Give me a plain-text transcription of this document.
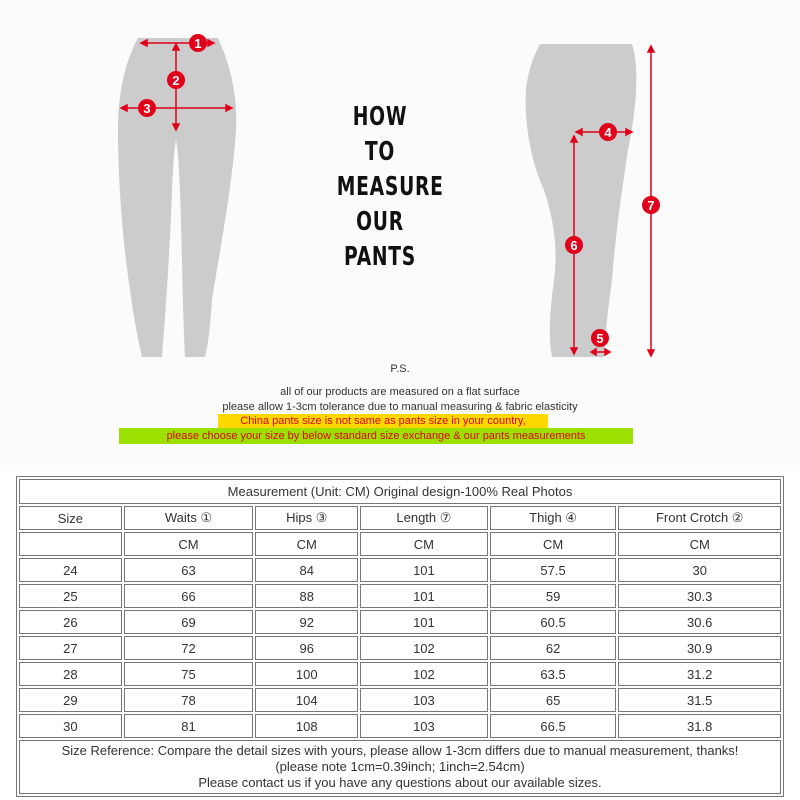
1
2
3
4
5
6
7
HOW
TO
MEASURE
OUR
PANTS
P.S.
all of our products are measured on a flat surface
please allow 1-3cm tolerance due to manual measuring & fabric elasticity
China pants size is not same as pants size in your country,
please choose your size by below standard size exchange & our pants measurements
Measurement (Unit: CM) Original design-100% Real Photos					
Size	Waits ①	Hips ③	Length ⑦	Thigh ④	Front Crotch ②
	CM	CM	CM	CM	CM
24	63	84	101	57.5	30
25	66	88	101	59	30.3
26	69	92	101	60.5	30.6
27	72	96	102	62	30.9
28	75	100	102	63.5	31.2
29	78	104	103	65	31.5
30	81	108	103	66.5	31.8

Size Reference: Compare the detail sizes with yours, please allow 1-3cm differs due to manual measurement, thanks!
(please note 1cm=0.39inch; 1inch=2.54cm)
Please contact us if you have any questions about our available sizes.					
